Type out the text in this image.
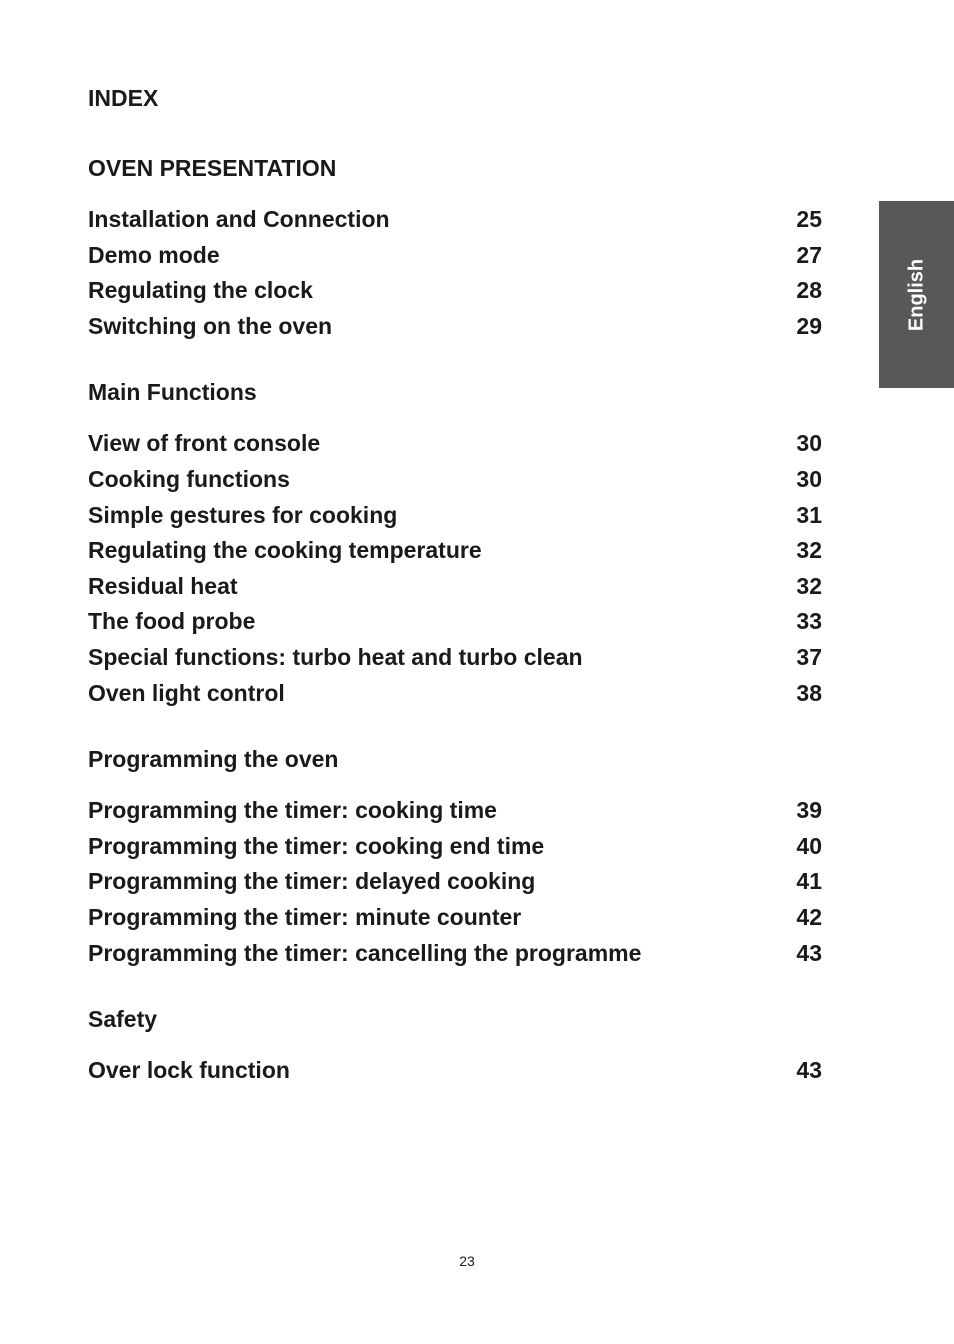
INDEX
OVEN PRESENTATION
Installation and Connection	25
Demo mode	27
Regulating the clock	28
Switching on the oven	29
Main Functions
View of front console	30
Cooking functions	30
Simple gestures for cooking	31
Regulating the cooking temperature	32
Residual heat	32
The food probe	33
Special functions: turbo heat and turbo clean	37
Oven light control	38
Programming the oven
Programming the timer: cooking time	39
Programming the timer: cooking end time	40
Programming the timer: delayed cooking	41
Programming the timer: minute counter	42
Programming the timer: cancelling the programme	43
Safety
Over lock function	43
English
23
